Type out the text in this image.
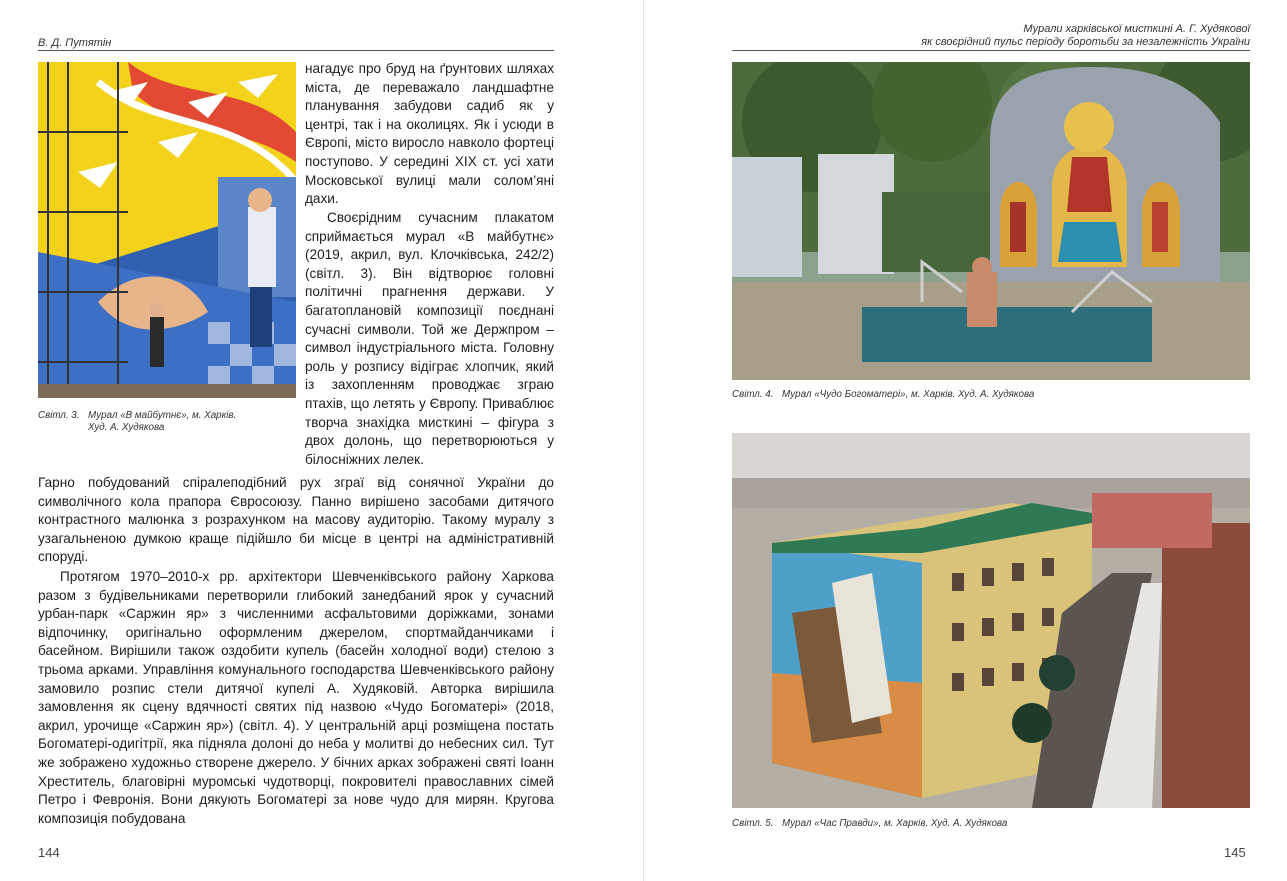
В. Д. Путятін
Світл. 3. Мурал «В майбутнє», м. Харків.
Худ. А. Худякова

нагадує про бруд на ґрунтових шляхах міста, де переважало ландшафтне планування забудови садиб як у центрі, так і на околицях. Як і усюди в Європі, місто виросло навколо фортеці поступово. У середині XIX ст. усі хати Московської вулиці мали солом’яні дахи.

Своєрідним сучасним плакатом сприймається мурал «В майбутнє» (2019, акрил, вул. Клочківська, 242/2) (світл. 3). Він відтворює головні політичні прагнення держави. У багатоплановій композиції поєднані сучасні символи. Той же Держпром – символ індустріального міста. Головну роль у розпису відіграє хлопчик, який із захопленням проводжає зграю птахів, що летять у Європу. Приваблює творча знахідка мисткині – фігура з двох долонь, що перетворюються у білосніжних лелек.

Гарно побудований спіралеподібний рух зграї від сонячної України до символічного кола прапора Євросоюзу. Панно вирішено засобами дитячого контрастного малюнка з розрахунком на масову аудиторію. Такому муралу з узагальненою думкою краще підійшло би місце в центрі на адміністративній споруді.

Протягом 1970–2010-х рр. архітектори Шевченківського району Харкова разом з будівельниками перетворили глибокий занедбаний ярок у сучасний урбан-парк «Саржин яр» з численними асфальтовими доріжками, зонами відпочинку, оригінально оформленим джерелом, спортмайданчиками і басейном. Вирішили також оздобити купель (басейн холодної води) стелою з трьома арками. Управління комунального господарства Шевченківського району замовило розпис стели дитячої купелі А. Худяковій. Авторка вирішила замовлення як сцену вдячності святих під назвою «Чудо Богоматері» (2018, акрил, урочище «Саржин яр») (світл. 4). У центральній арці розміщена постать Богоматері-одигітрії, яка підняла долоні до неба у молитві до небесних сил. Тут же зображено художньо створене джерело. У бічних арках зображені святі Іоанн Хреститель, благовірні муромські чудотворці, покровителі православних сімей Петро і Февронія. Вони дякують Богоматері за нове чудо для мирян. Кругова композиція побудована

144
Мурали харківської мисткині А. Г. Худякової
як своєрідний пульс періоду боротьби за незалежність України
Світл. 4. Мурал «Чудо Богоматері», м. Харків. Худ. А. Худякова
Світл. 5. Мурал «Час Правди», м. Харків. Худ. А. Худякова
145
